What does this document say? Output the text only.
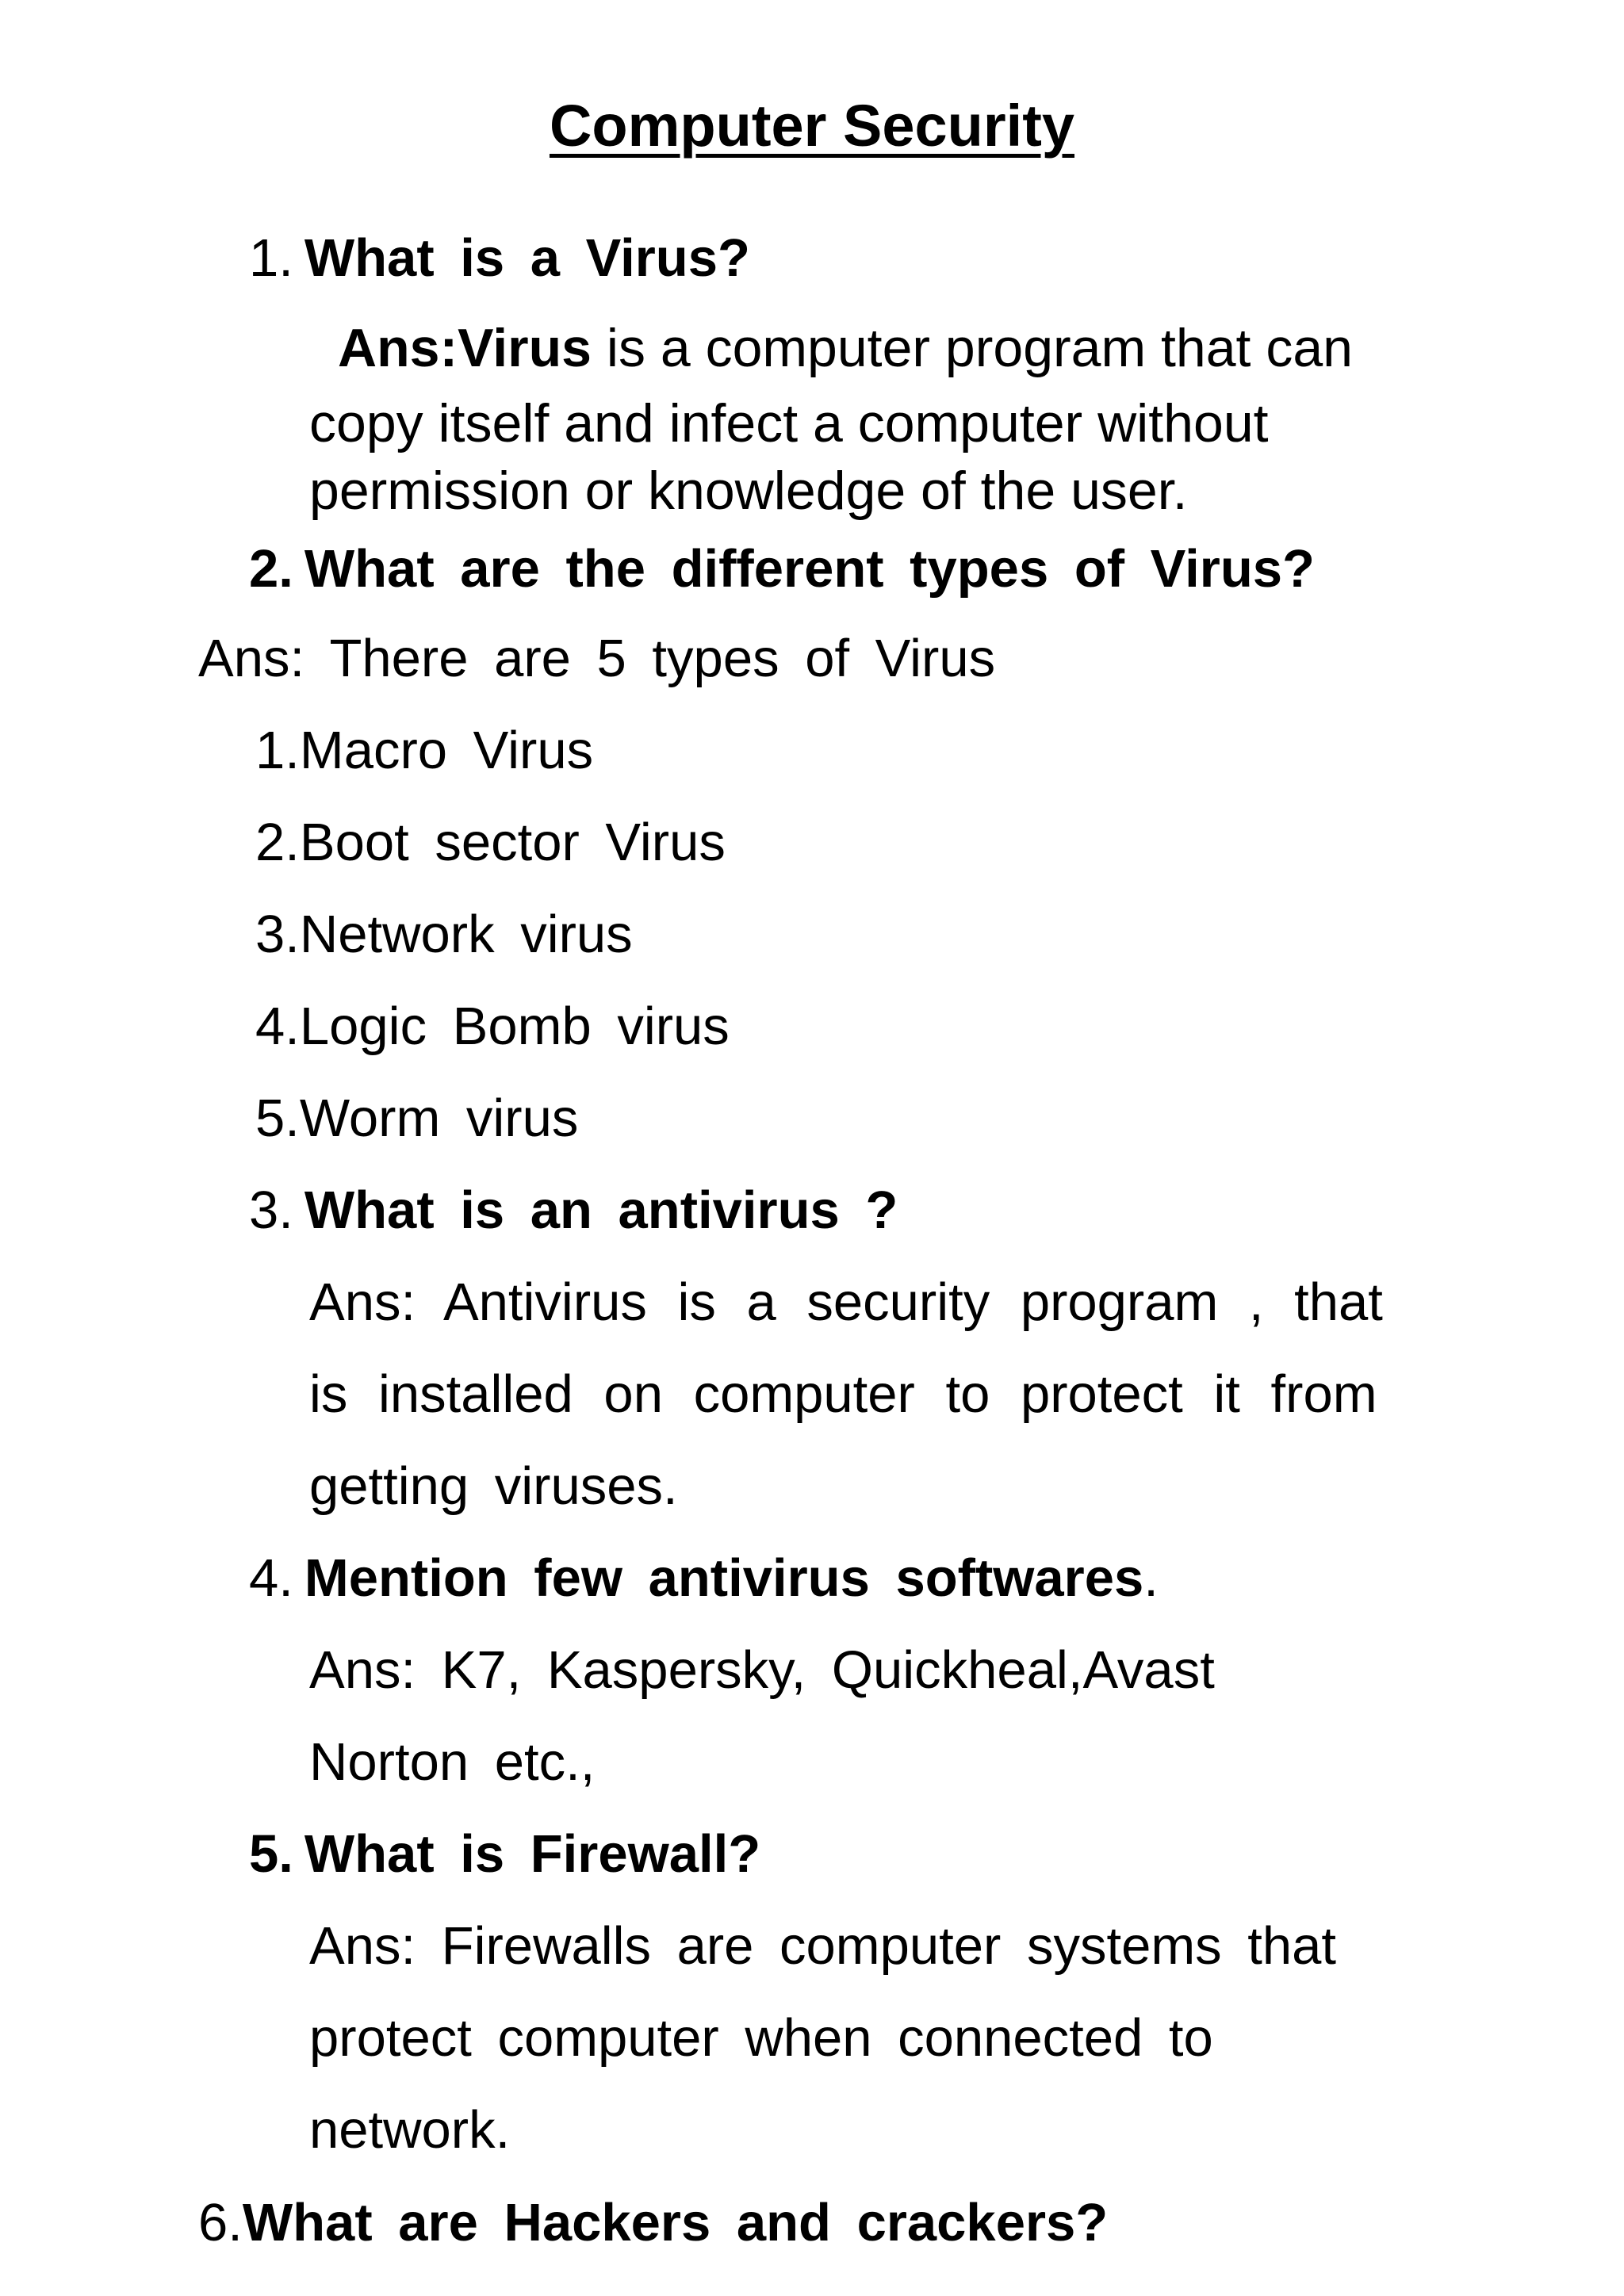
Computer Security
1. What is a Virus?
Ans:Virus is a computer program that can
copy itself and infect a computer without
permission or knowledge of the user.
2. What are the different types of Virus?
Ans: There are 5 types of Virus
1.Macro Virus
2.Boot sector Virus
3.Network virus
4.Logic Bomb virus
5.Worm virus
3. What is an antivirus ?
Ans: Antivirus is a security program , that
is installed on computer to protect it from
getting viruses.
4. Mention few antivirus softwares.
Ans: K7, Kaspersky, Quickheal,Avast
Norton etc.,
5. What is Firewall?
Ans: Firewalls are computer systems that
protect computer when connected to
network.
6.What are Hackers and crackers?
